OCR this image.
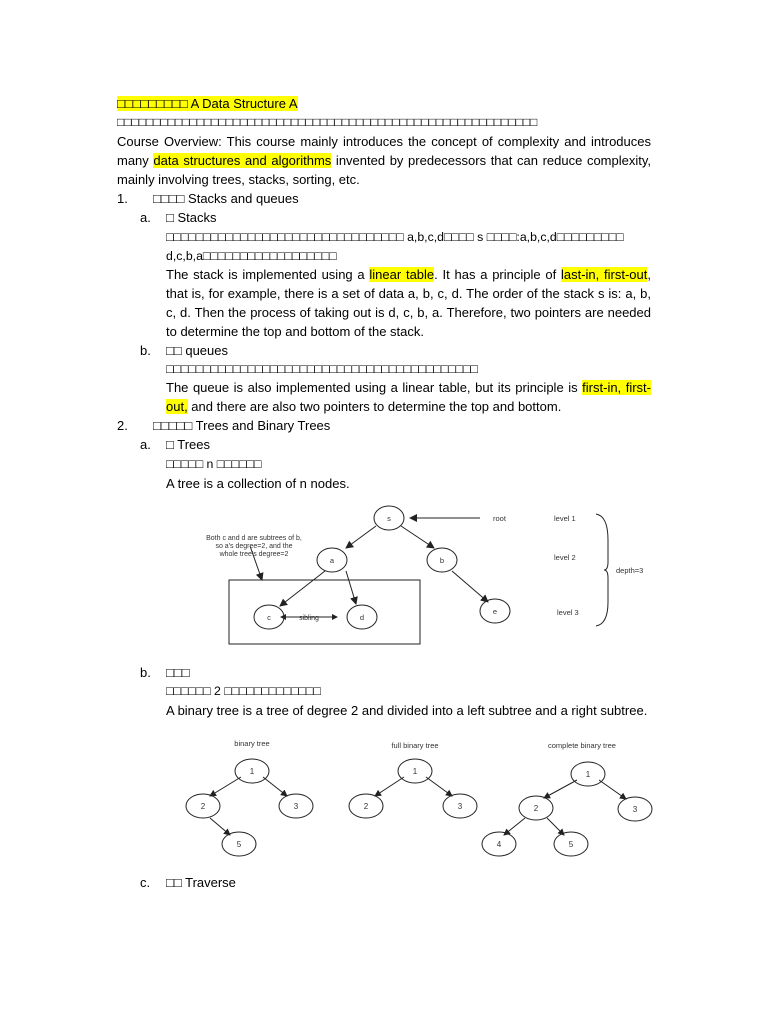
□□□□□□□□□ A Data Structure A
□□□□□□□□□□□□□□□□□□□□□□□□□□□□□□□□□□□□□□□□□□□□□□□□□□□□□□□□□□
Course Overview: This course mainly introduces the concept of complexity and introduces many data structures and algorithms invented by predecessors that can reduce complexity, mainly involving trees, stacks, sorting, etc.
1. □□□□ Stacks and queues
a. □ Stacks
□□□□□□□□□□□□□□□□□□□□□□□□□□□□□□□□ a,b,c,d□□□□ s □□□□:a,b,c,d□□□□□□□□□
d,c,b,a□□□□□□□□□□□□□□□□□□
The stack is implemented using a linear table. It has a principle of last-in, first-out, that is, for example, there is a set of data a, b, c, d. The order of the stack s is: a, b, c, d. Then the process of taking out is d, c, b, a. Therefore, two pointers are needed to determine the top and bottom of the stack.
b. □□ queues
□□□□□□□□□□□□□□□□□□□□□□□□□□□□□□□□□□□□□□□□□□
The queue is also implemented using a linear table, but its principle is first-in, first-out, and there are also two pointers to determine the top and bottom.
2. □□□□□ Trees and Binary Trees
a. □ Trees
□□□□□ n □□□□□□
A tree is a collection of n nodes.
s
a	b
c	d
e
sibling
Both c and d are subtrees of b,
so a's degree=2, and the
whole tree's degree=2
root	level 1
level 2
level 3
depth=3
b. □□□
□□□□□□ 2 □□□□□□□□□□□□□
A binary tree is a tree of degree 2 and divided into a left subtree and a right subtree.
binary tree	full binary tree	complete binary tree
1
2	3
5
1
2	3
1
2	3
4	5
c. □□ Traverse
